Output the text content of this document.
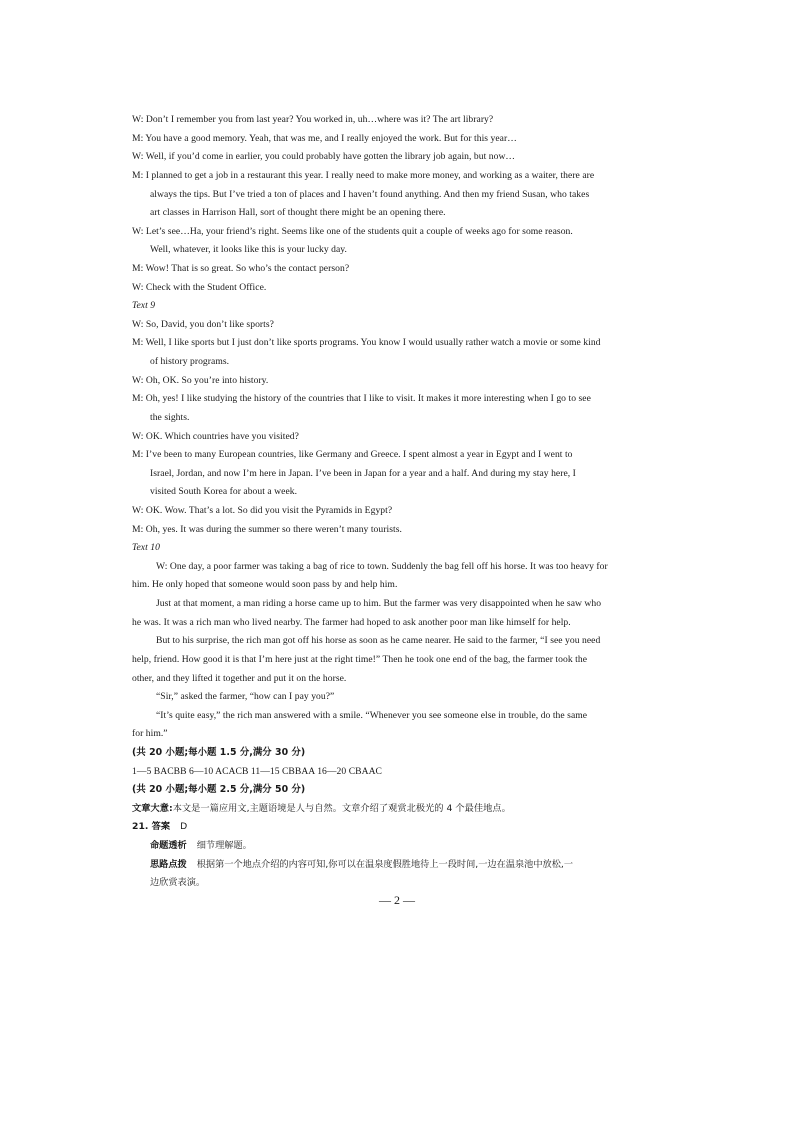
W: Don’t I remember you from last year? You worked in, uh…where was it? The art library?
M: You have a good memory. Yeah, that was me, and I really enjoyed the work. But for this year…
W: Well, if you’d come in earlier, you could probably have gotten the library job again, but now…
M: I planned to get a job in a restaurant this year. I really need to make more money, and working as a waiter, there are
always the tips. But I’ve tried a ton of places and I haven’t found anything. And then my friend Susan, who takes
art classes in Harrison Hall, sort of thought there might be an opening there.
W: Let’s see…Ha, your friend’s right. Seems like one of the students quit a couple of weeks ago for some reason.
Well, whatever, it looks like this is your lucky day.
M: Wow! That is so great. So who’s the contact person?
W: Check with the Student Office.
Text 9
W: So, David, you don’t like sports?
M: Well, I like sports but I just don’t like sports programs. You know I would usually rather watch a movie or some kind
of history programs.
W: Oh, OK. So you’re into history.
M: Oh, yes! I like studying the history of the countries that I like to visit. It makes it more interesting when I go to see
the sights.
W: OK. Which countries have you visited?
M: I’ve been to many European countries, like Germany and Greece. I spent almost a year in Egypt and I went to
Israel, Jordan, and now I’m here in Japan. I’ve been in Japan for a year and a half. And during my stay here, I
visited South Korea for about a week.
W: OK. Wow. That’s a lot. So did you visit the Pyramids in Egypt?
M: Oh, yes. It was during the summer so there weren’t many tourists.
Text 10
W: One day, a poor farmer was taking a bag of rice to town. Suddenly the bag fell off his horse. It was too heavy for
him. He only hoped that someone would soon pass by and help him.
Just at that moment, a man riding a horse came up to him. But the farmer was very disappointed when he saw who
he was. It was a rich man who lived nearby. The farmer had hoped to ask another poor man like himself for help.
But to his surprise, the rich man got off his horse as soon as he came nearer. He said to the farmer, “I see you need
help, friend. How good it is that I’m here just at the right time!” Then he took one end of the bag, the farmer took the
other, and they lifted it together and put it on the horse.
“Sir,” asked the farmer, “how can I pay you?”
“It’s quite easy,” the rich man answered with a smile. “Whenever you see someone else in trouble, do the same
for him.”
(共 20 小题;每小题 1.5 分,满分 30 分)
1—5 BACBB 6—10 ACACB 11—15 CBBAA 16—20 CBAAC
(共 20 小题;每小题 2.5 分,满分 50 分)
文章大意:本文是一篇应用文,主题语境是人与自然。文章介绍了观赏北极光的 4 个最佳地点。
21. 答案 D
命题透析 细节理解题。
思路点拨 根据第一个地点介绍的内容可知,你可以在温泉度假胜地待上一段时间,一边在温泉池中放松,一
边欣赏表演。
— 2 —
